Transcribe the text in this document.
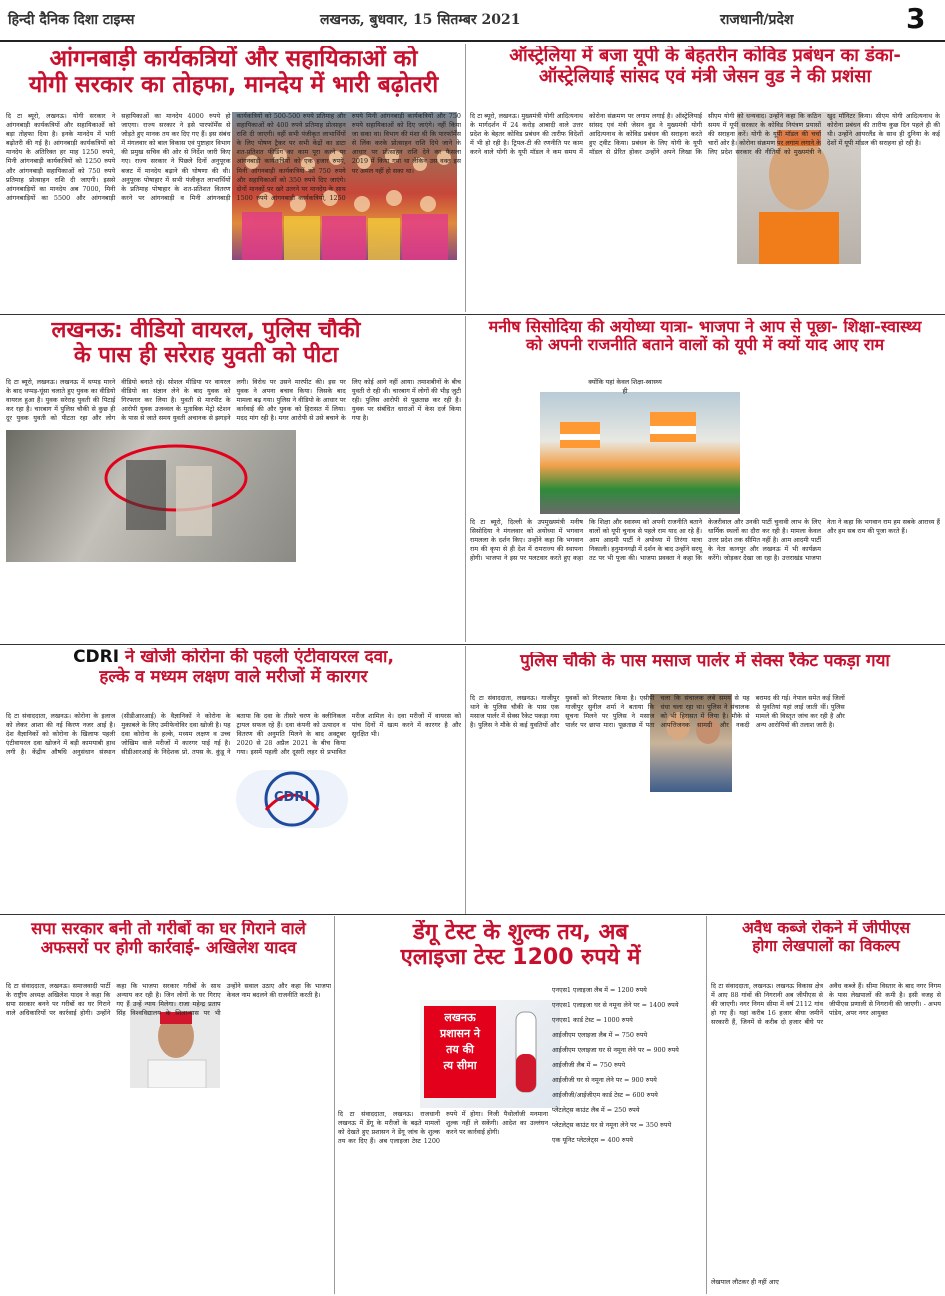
हिन्दी दैनिक दिशा टाइम्स	लखनऊ, बुधवार, 15 सितम्बर 2021	राजधानी/प्रदेश	3
आंगनबाड़ी कार्यकत्रियों और सहायिकाओं को
योगी सरकार का तोहफा, मानदेय में भारी बढ़ोतरी
दि टा ब्यूरो, लखनऊ। योगी सरकार ने आंगनबाड़ी कार्यकत्रियों और सहायिकाओं को बड़ा तोहफा दिया है। इनके मानदेय में भारी बढ़ोतरी की गई है। आंगनबाड़ी कार्यकत्रियों को मानदेय के अतिरिक्त हर माह 1250 रुपये, मिनी आंगनबाड़ी कार्यकत्रियों को 1250 रुपये और आंगनबाड़ी सहायिकाओं को 750 रुपये प्रतिमाह प्रोत्साहन राशि दी जाएगी। इससे आंगनबाड़ियों का मानदेय अब 7000, मिनी आंगनबाड़ियों का 5500 और आंगनबाड़ी सहायिकाओं का मानदेय 4000 रुपये हो जाएगा। राज्य सरकार ने इसे पारफॉर्मेंस से जोड़ते हुए मानक तय कर दिए गए हैं। इस संबंध में मंगलवार को बाल विकास एवं पुष्टाहार विभाग की प्रमुख सचिव की ओर से निर्देश जारी किए गए। राज्य सरकार ने पिछले दिनों अनुपूरक बजट में मानदेय बढ़ाने की घोषणा की थी। अनुपूरक पोषाहार में सभी पंजीकृत लाभार्थियों के प्रतिमाह पोषाहार के शत-प्रतिशत वितरण करने पर आंगनबाड़ी व मिनी आंगनबाड़ी कार्यकत्रियों को 500-500 रुपये प्रतिमाह और सहायिकाओं को 400 रुपये प्रतिमाह प्रोत्साहन राशि दी जाएगी। वहीं सभी पंजीकृत लाभार्थियों के लिए पोषण ट्रैकर पर सभी केंद्रों का डाटा शत-प्रतिशत फीडिंग का काम पूरा करने पर आंगनबाड़ी कार्यकत्रियों को एक हजार रुपये, मिनी आंगनबाड़ी कार्यकत्रियों को 750 रुपये और सहायिकाओं को 350 रुपये दिए जाएंगे। दोनों मानकों पर खरे उतरने पर मानदेय के साथ 1500 रुपये आंगनबाड़ी कार्यकत्रियों, 1250 रुपये मिनी आंगनबाड़ी कार्यकत्रियों और 750 रुपये सहायिकाओं को दिए जाएंगे। नहीं किया जा सका था। विभाग की मंशा थी कि पारफॉर्मेंस से लिंक करके प्रोत्साहन राशि दिये जाने के आधार पर प्रोत्साहन राशि देने का फैसला 2019 में किया गया था लेकिन उस वक्त इस पर अमल नहीं हो सका था।
ऑस्ट्रेलिया में बजा यूपी के बेहतरीन कोविड प्रबंधन का डंका-
ऑस्ट्रेलियाई सांसद एवं मंत्री जेसन वुड ने की प्रशंसा
दि टा ब्यूरो, लखनऊ। मुख्यमंत्री योगी आदित्यनाथ के मार्गदर्शन में 24 करोड़ आबादी वाले उत्तर प्रदेश के बेहतर कोविड प्रबंधन की तारीफ विदेशों में भी हो रही है। ट्रिपल-टी की रणनीति पर काम करने वाले योगी के यूपी मॉडल ने कम समय में कोरोना संक्रमण पर लगाम लगाई है। ऑस्ट्रेलियाई सांसद एवं मंत्री जेसन वुड ने मुख्यमंत्री योगी आदित्यनाथ के कोविड प्रबंधन की सराहना करते हुए ट्वीट किया। प्रबंधन के लिए योगी के यूपी मॉडल से प्रेरित होकर उन्होंने अपने लिखा कि सीएम योगी को धन्यवाद। उन्होंने कहा कि कठिन समय में यूपी सरकार के कोविड नियंत्रण प्रयासों की सराहना करें। योगी के यूपी मॉडल की चर्चा चारों ओर है। कोरोना संक्रमण पर लगाम लगाने के लिए प्रदेश सरकार की नीतियों को मुख्यमंत्री ने खुद मॉनिटर किया। सीएम योगी आदित्यनाथ के कोरोना प्रबंधन की तारीफ कुछ दिन पहले ही की थी। उन्होंने आयरलैंड के साथ ही दुनिया के कई देशों में यूपी मॉडल की सराहना हो रही है।
लखनऊ: वीडियो वायरल, पुलिस चौकी
के पास ही सरेराह युवती को पीटा
दि टा ब्यूरो, लखनऊ। लखनऊ में थप्पड़ मारने के बाद थप्पड़-घूंसा चलाते हुए युवक का वीडियो वायरल हुआ है। युवक सरेराह युवती की पिटाई कर रहा है। चारबाग में पुलिस चौकी से कुछ ही दूर युवक युवती को पीटता रहा और लोग वीडियो बनाते रहे। सोशल मीडिया पर वायरल वीडियो का संज्ञान लेने के बाद युवक को गिरफ्तार कर लिया है। युवती से मारपीट के आरोपी युवक उजव्वल के मुताबिक मेट्रो स्टेशन के पास से जाते समय युवती अचानक से झगड़ने लगी। विरोध पर उसने मारपीट की। इस पर युवक ने अपना बचाव किया। जिसके बाद मामला बढ़ गया। पुलिस ने वीडियो के आधार पर कार्रवाई की और युवक को हिरासत में लिया। मदद मांग रही है। मगर आरोपी से उसे बचाने के लिए कोई आगे नहीं आया। तमाशबीनों के बीच युवती रो रही थी। चारबाग में लोगों की भीड़ जुटी रही। पुलिस आरोपी से पूछताछ कर रही है। युवक पर संबंधित धाराओं में केस दर्ज किया गया है।
मनीष सिसोदिया की अयोध्या यात्रा- भाजपा ने आप से पूछा- शिक्षा-स्वास्थ्य
को अपनी राजनीति बताने वालों को यूपी में क्यों याद आए राम
क्योंकि यहां केवल शिक्षा-स्वास्थ्य ही
दि टा ब्यूरो, दिल्ली के उपमुख्यमंत्री मनीष सिसोदिया ने मंगलवार को अयोध्या में भगवान रामलला के दर्शन किए। उन्होंने कहा कि भगवान राम की कृपा से ही देश में रामराज्य की स्थापना होगी। भाजपा ने इस पर पलटवार करते हुए कहा कि शिक्षा और स्वास्थ्य को अपनी राजनीति बताने वालों को यूपी चुनाव से पहले राम याद आ रहे हैं। आम आदमी पार्टी ने अयोध्या में तिरंगा यात्रा निकाली। हनुमानगढ़ी में दर्शन के बाद उन्होंने सरयू तट पर भी पूजा की। भाजपा प्रवक्ता ने कहा कि केजरीवाल और उनकी पार्टी चुनावी लाभ के लिए धार्मिक स्थलों का दौरा कर रही है। मामला केवल उत्तर प्रदेश तक सीमित नहीं है। आम आदमी पार्टी के नेता कानपुर और लखनऊ में भी कार्यक्रम करेंगे। जोड़कर देखा जा रहा है। उत्तराखंड भाजपा नेता ने कहा कि भगवान राम हम सबके आराध्य हैं और हम सब राम की पूजा करते हैं।
CDRI ने खोजी कोरोना की पहली एंटीवायरल दवा,
हल्के व मध्यम लक्षण वाले मरीजों में कारगर
CDRI
दि टा संवाददाता, लखनऊ। कोरोना के इलाज को लेकर आशा की नई किरण नजर आई है। देश वैज्ञानिकों को कोरोना के खिलाफ पहली एंटीवायरल दवा खोजने में बड़ी कामयाबी हाथ लगी है। केंद्रीय औषधि अनुसंधान संस्थान (सीडीआरआई) के वैज्ञानिकों ने कोरोना के मुकाबले के लिए उमीफेनोविर दवा खोजी है। यह दवा कोरोना के हल्के, मध्यम लक्षण व उच्च जोखिम वाले मरीजों में कारगर पाई गई है। सीडीआरआई के निदेशक प्रो. तपस के. कुंडू ने बताया कि दवा के तीसरे चरण के क्लीनिकल ट्रायल सफल रहे हैं। दवा कंपनी को उत्पादन व वितरण की अनुमति मिलने के बाद अक्टूबर 2020 से 28 अप्रैल 2021 के बीच किया गया। इसमें पहली और दूसरी लहर से प्रभावित मरीज शामिल थे। दवा मरीजों में वायरस को पांच दिनों में खत्म करने में कारगर है और सुरक्षित भी।
पुलिस चौकी के पास मसाज पार्लर में सेक्स रैकेट पकड़ा गया
दि टा संवाददाता, लखनऊ। गाजीपुर थाने के पुलिस चौकी के पास एक मसाज पार्लर में सेक्स रैकेट पकड़ा गया है। पुलिस ने मौके से कई युवतियों और युवकों को गिरफ्तार किया है। एसीपी गाजीपुर सुनील शर्मा ने बताया कि सूचना मिलने पर पुलिस ने मसाज पार्लर पर छापा मारा। पूछताछ में पता चला कि संचालक लंबे समय से यह धंधा चला रहा था। पुलिस ने संचालक को भी हिरासत में लिया है। मौके से आपत्तिजनक सामग्री और नकदी बरामद की गई। नेपाल समेत कई जिलों से युवतियां यहां लाई जाती थीं। पुलिस मामले की विस्तृत जांच कर रही है और अन्य आरोपियों की तलाश जारी है।
सपा सरकार बनी तो गरीबों का घर गिराने वाले
अफसरों पर होगी कार्रवाई- अखिलेश यादव
दि टा संवाददाता, लखनऊ। समाजवादी पार्टी के राष्ट्रीय अध्यक्ष अखिलेश यादव ने कहा कि सपा सरकार बनने पर गरीबों का घर गिराने वाले अधिकारियों पर कार्रवाई होगी। उन्होंने कहा कि भाजपा सरकार गरीबों के साथ अन्याय कर रही है। जिन लोगों के घर गिराए गए हैं उन्हें न्याय मिलेगा। राजा महेन्द्र प्रताप सिंह विश्वविद्यालय के शिलान्यास पर भी उन्होंने सवाल उठाए और कहा कि भाजपा केवल नाम बदलने की राजनीति करती है।
डेंगू टेस्ट के शुल्क तय, अब
एलाइजा टेस्ट 1200 रुपये में
लखनऊ
प्रशासन ने
तय की
त्य सीमा
दि टा संवाददाता, लखनऊ। राजधानी लखनऊ में डेंगू के मरीजों के बढ़ते मामलों को देखते हुए प्रशासन ने डेंगू जांच के शुल्क तय कर दिए हैं। अब एलाइजा टेस्ट 1200 रुपये में होगा। निजी पैथोलॉजी मनमाना शुल्क नहीं ले सकेंगी। आदेश का उल्लंघन करने पर कार्रवाई होगी।
एनएस1 एलाइजा लैब में = 1200 रुपये
एनएस1 एलाइजा घर से नमूना लेने पर = 1400 रुपये
एनएस1 कार्ड टेस्ट = 1000 रुपये
आईजीएम एलाइजा लैब में = 750 रुपये
आईजीएम एलाइजा घर से नमूना लेने पर = 900 रुपये
आईजीजी लैब में = 750 रुपये
आईजीजी घर से नमूना लेने पर = 900 रुपये
आईजीजी/आईजीएम कार्ड टेस्ट = 600 रुपये
प्लेटलेट्स काउंट लैब में = 250 रुपये
प्लेटलेट्स काउंट घर से नमूना लेने पर = 350 रुपये
एक यूनिट प्लेटलेट्स = 400 रुपये
अवैध कब्जे रोकने में जीपीएस
होगा लेखपालों का विकल्प
दि टा संवाददाता, लखनऊ। लखनऊ विकास क्षेत्र में आए 88 गांवों की निगरानी अब जीपीएस से की जाएगी। नगर निगम सीमा में वर्ष 2112 गांव हो गए हैं। यहां करीब 16 हजार बीघा जमीनें सरकारी हैं, जिनमें से करीब दो हजार बीघे पर अवैध कब्जे हैं। सीमा विस्तार के बाद नगर निगम के पास लेखपालों की कमी है। इसी वजह से जीपीएस प्रणाली से निगरानी की जाएगी। - अभय पांडेय, अपर नगर आयुक्त
लेखपाल लौटकर ही नहीं आए
